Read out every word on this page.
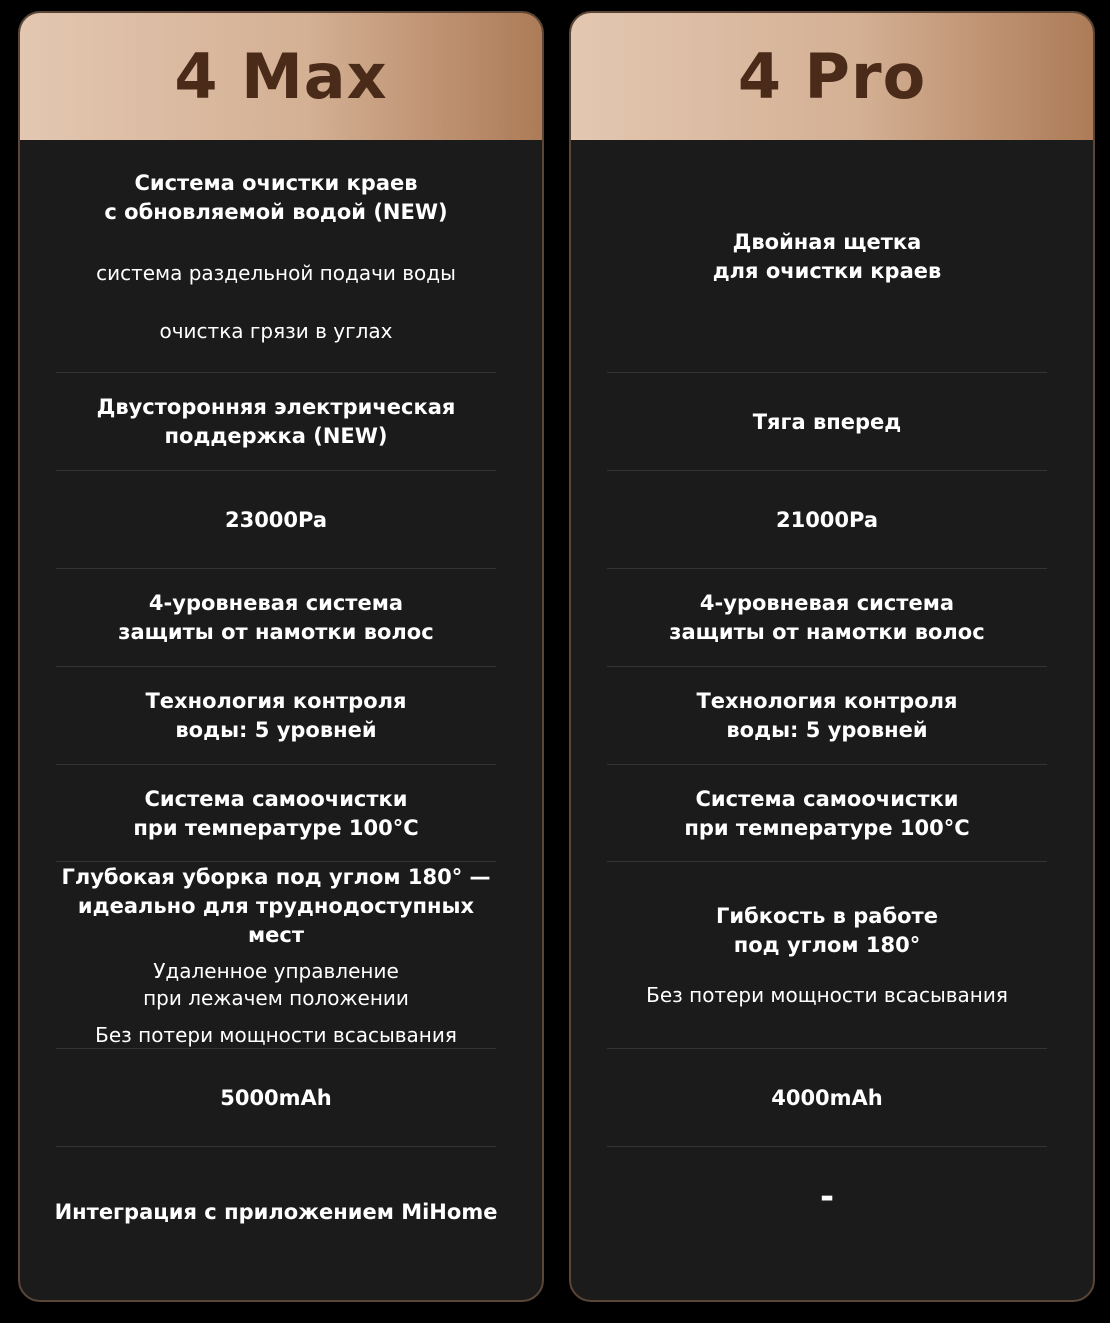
4 Max
Система очистки краев
с обновляемой водой (NEW)
система раздельной подачи воды
очистка грязи в углах
Двусторонняя электрическая
поддержка (NEW)
23000Pa
4-уровневая система
защиты от намотки волос
Технология контроля
воды: 5 уровней
Система самоочистки
при температуре 100°C
Глубокая уборка под углом 180° —
идеально для труднодоступных мест
Удаленное управление
при лежачем положении
Без потери мощности всасывания
5000mAh
Интеграция с приложением MiHome
4 Pro
Двойная щетка
для очистки краев
Тяга вперед
21000Pa
4-уровневая система
защиты от намотки волос
Технология контроля
воды: 5 уровней
Система самоочистки
при температуре 100°C
Гибкость в работе
под углом 180°
Без потери мощности всасывания
4000mAh
-
